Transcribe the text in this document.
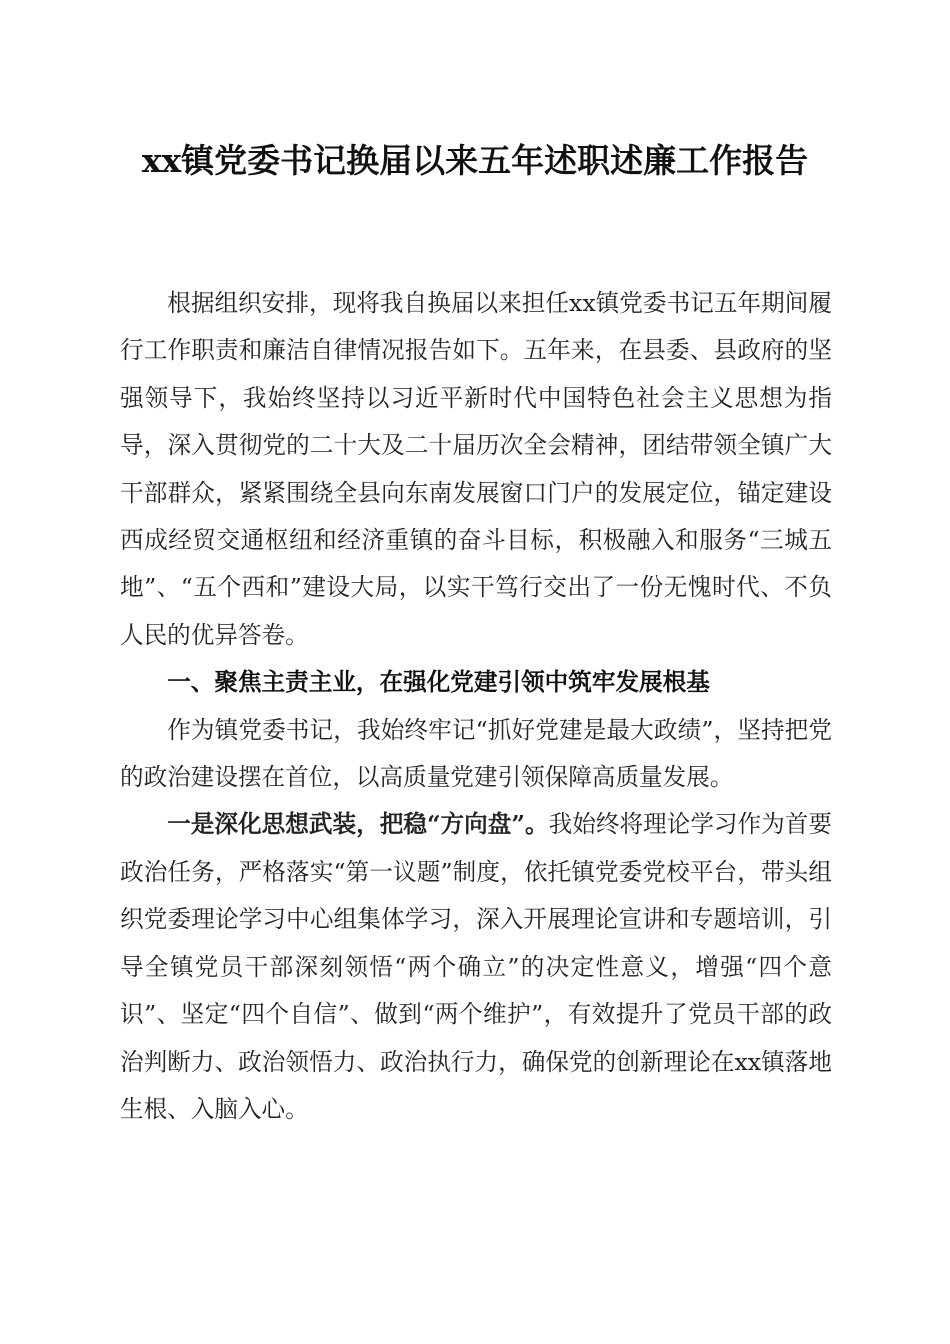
xx镇党委书记换届以来五年述职述廉工作报告

根据组织安排，现将我自换届以来担任xx镇党委书记五年期间履行工作职责和廉洁自律情况报告如下。五年来，在县委、县政府的坚强领导下，我始终坚持以习近平新时代中国特色社会主义思想为指导，深入贯彻党的二十大及二十届历次全会精神，团结带领全镇广大干部群众，紧紧围绕全县向东南发展窗口门户的发展定位，锚定建设西成经贸交通枢纽和经济重镇的奋斗目标，积极融入和服务“三城五地”、“五个西和”建设大局，以实干笃行交出了一份无愧时代、不负人民的优异答卷。

一、聚焦主责主业，在强化党建引领中筑牢发展根基

作为镇党委书记，我始终牢记“抓好党建是最大政绩”，坚持把党的政治建设摆在首位，以高质量党建引领保障高质量发展。

一是深化思想武装，把稳“方向盘”。我始终将理论学习作为首要政治任务，严格落实“第一议题”制度，依托镇党委党校平台，带头组织党委理论学习中心组集体学习，深入开展理论宣讲和专题培训，引导全镇党员干部深刻领悟“两个确立”的决定性意义，增强“四个意识”、坚定“四个自信”、做到“两个维护”，有效提升了党员干部的政治判断力、政治领悟力、政治执行力，确保党的创新理论在xx镇落地生根、入脑入心。
